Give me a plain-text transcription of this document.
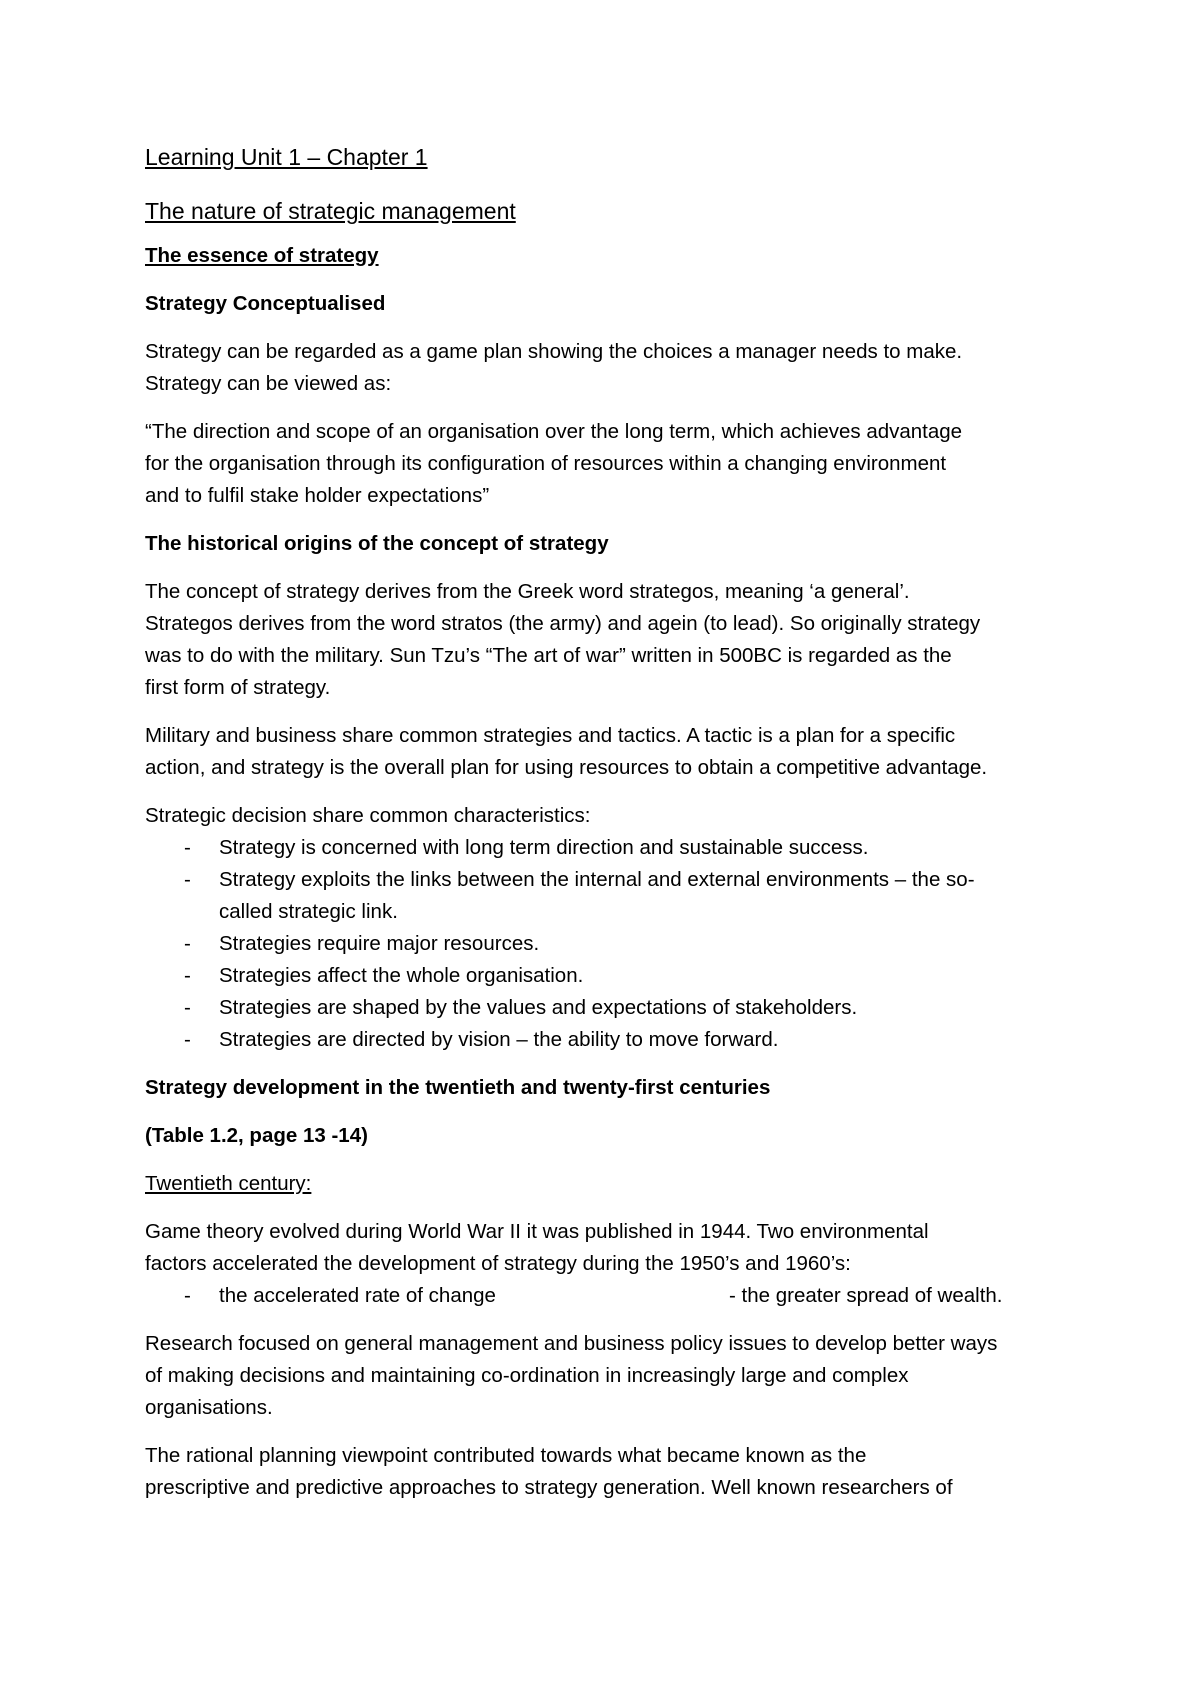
Learning Unit 1 – Chapter 1

The nature of strategic management

The essence of strategy

Strategy Conceptualised

Strategy can be regarded as a game plan showing the choices a manager needs to make.

Strategy can be viewed as:

“The direction and scope of an organisation over the long term, which achieves advantage

for the organisation through its configuration of resources within a changing environment

and to fulfil stake holder expectations”

The historical origins of the concept of strategy

The concept of strategy derives from the Greek word strategos, meaning ‘a general’.

Strategos derives from the word stratos (the army) and agein (to lead). So originally strategy

was to do with the military. Sun Tzu’s “The art of war” written in 500BC is regarded as the

first form of strategy.

Military and business share common strategies and tactics. A tactic is a plan for a specific

action, and strategy is the overall plan for using resources to obtain a competitive advantage.

Strategic decision share common characteristics:

- Strategy is concerned with long term direction and sustainable success.
- Strategy exploits the links between the internal and external environments – the so-
called strategic link.
- Strategies require major resources.
- Strategies affect the whole organisation.
- Strategies are shaped by the values and expectations of stakeholders.
- Strategies are directed by vision – the ability to move forward.

Strategy development in the twentieth and twenty-first centuries

(Table 1.2, page 13 -14)

Twentieth century:

Game theory evolved during World War II it was published in 1944. Two environmental

factors accelerated the development of strategy during the 1950’s and 1960’s:

- the accelerated rate of change	- the greater spread of wealth.

Research focused on general management and business policy issues to develop better ways

of making decisions and maintaining co-ordination in increasingly large and complex

organisations.

The rational planning viewpoint contributed towards what became known as the

prescriptive and predictive approaches to strategy generation. Well known researchers of
